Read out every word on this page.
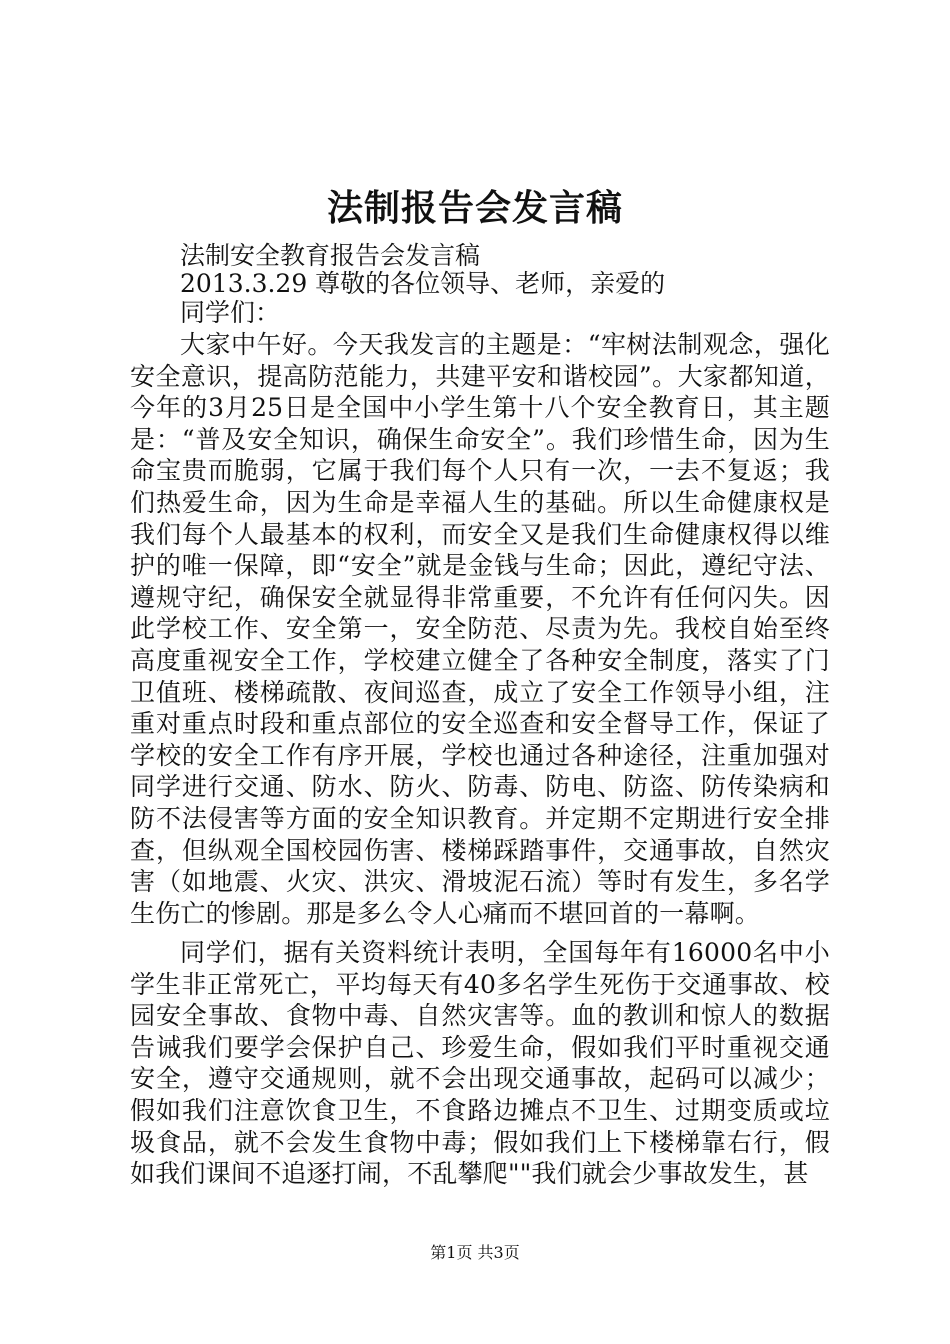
法制报告会发言稿
法制安全教育报告会发言稿
2013.3.29 尊敬的各位领导、老师，亲爱的
同学们：
大家中午好。今天我发言的主题是：“牢树法制观念，强化安全意识，提高防范能力，共建平安和谐校园”。大家都知道，今年的3月25日是全国中小学生第十八个安全教育日，其主题是：“普及安全知识，确保生命安全”。我们珍惜生命，因为生命宝贵而脆弱，它属于我们每个人只有一次，一去不复返；我们热爱生命，因为生命是幸福人生的基础。所以生命健康权是我们每个人最基本的权利，而安全又是我们生命健康权得以维护的唯一保障，即“安全”就是金钱与生命；因此，遵纪守法、遵规守纪，确保安全就显得非常重要，不允许有任何闪失。因此学校工作、安全第一，安全防范、尽责为先。我校自始至终高度重视安全工作，学校建立健全了各种安全制度，落实了门卫值班、楼梯疏散、夜间巡查，成立了安全工作领导小组，注重对重点时段和重点部位的安全巡查和安全督导工作，保证了学校的安全工作有序开展，学校也通过各种途径，注重加强对同学进行交通、防水、防火、防毒、防电、防盗、防传染病和防不法侵害等方面的安全知识教育。并定期不定期进行安全排查，但纵观全国校园伤害、楼梯踩踏事件，交通事故，自然灾害（如地震、火灾、洪灾、滑坡泥石流）等时有发生，多名学生伤亡的惨剧。那是多么令人心痛而不堪回首的一幕啊。
同学们，据有关资料统计表明，全国每年有16000名中小学生非正常死亡，平均每天有40多名学生死伤于交通事故、校园安全事故、食物中毒、自然灾害等。血的教训和惊人的数据告诫我们要学会保护自己、珍爱生命，假如我们平时重视交通安全，遵守交通规则，就不会出现交通事故，起码可以减少；假如我们注意饮食卫生，不食路边摊点不卫生、过期变质或垃圾食品，就不会发生食物中毒；假如我们上下楼梯靠右行，假如我们课间不追逐打闹，不乱攀爬""我们就会少事故发生，甚
第1页 共3页
